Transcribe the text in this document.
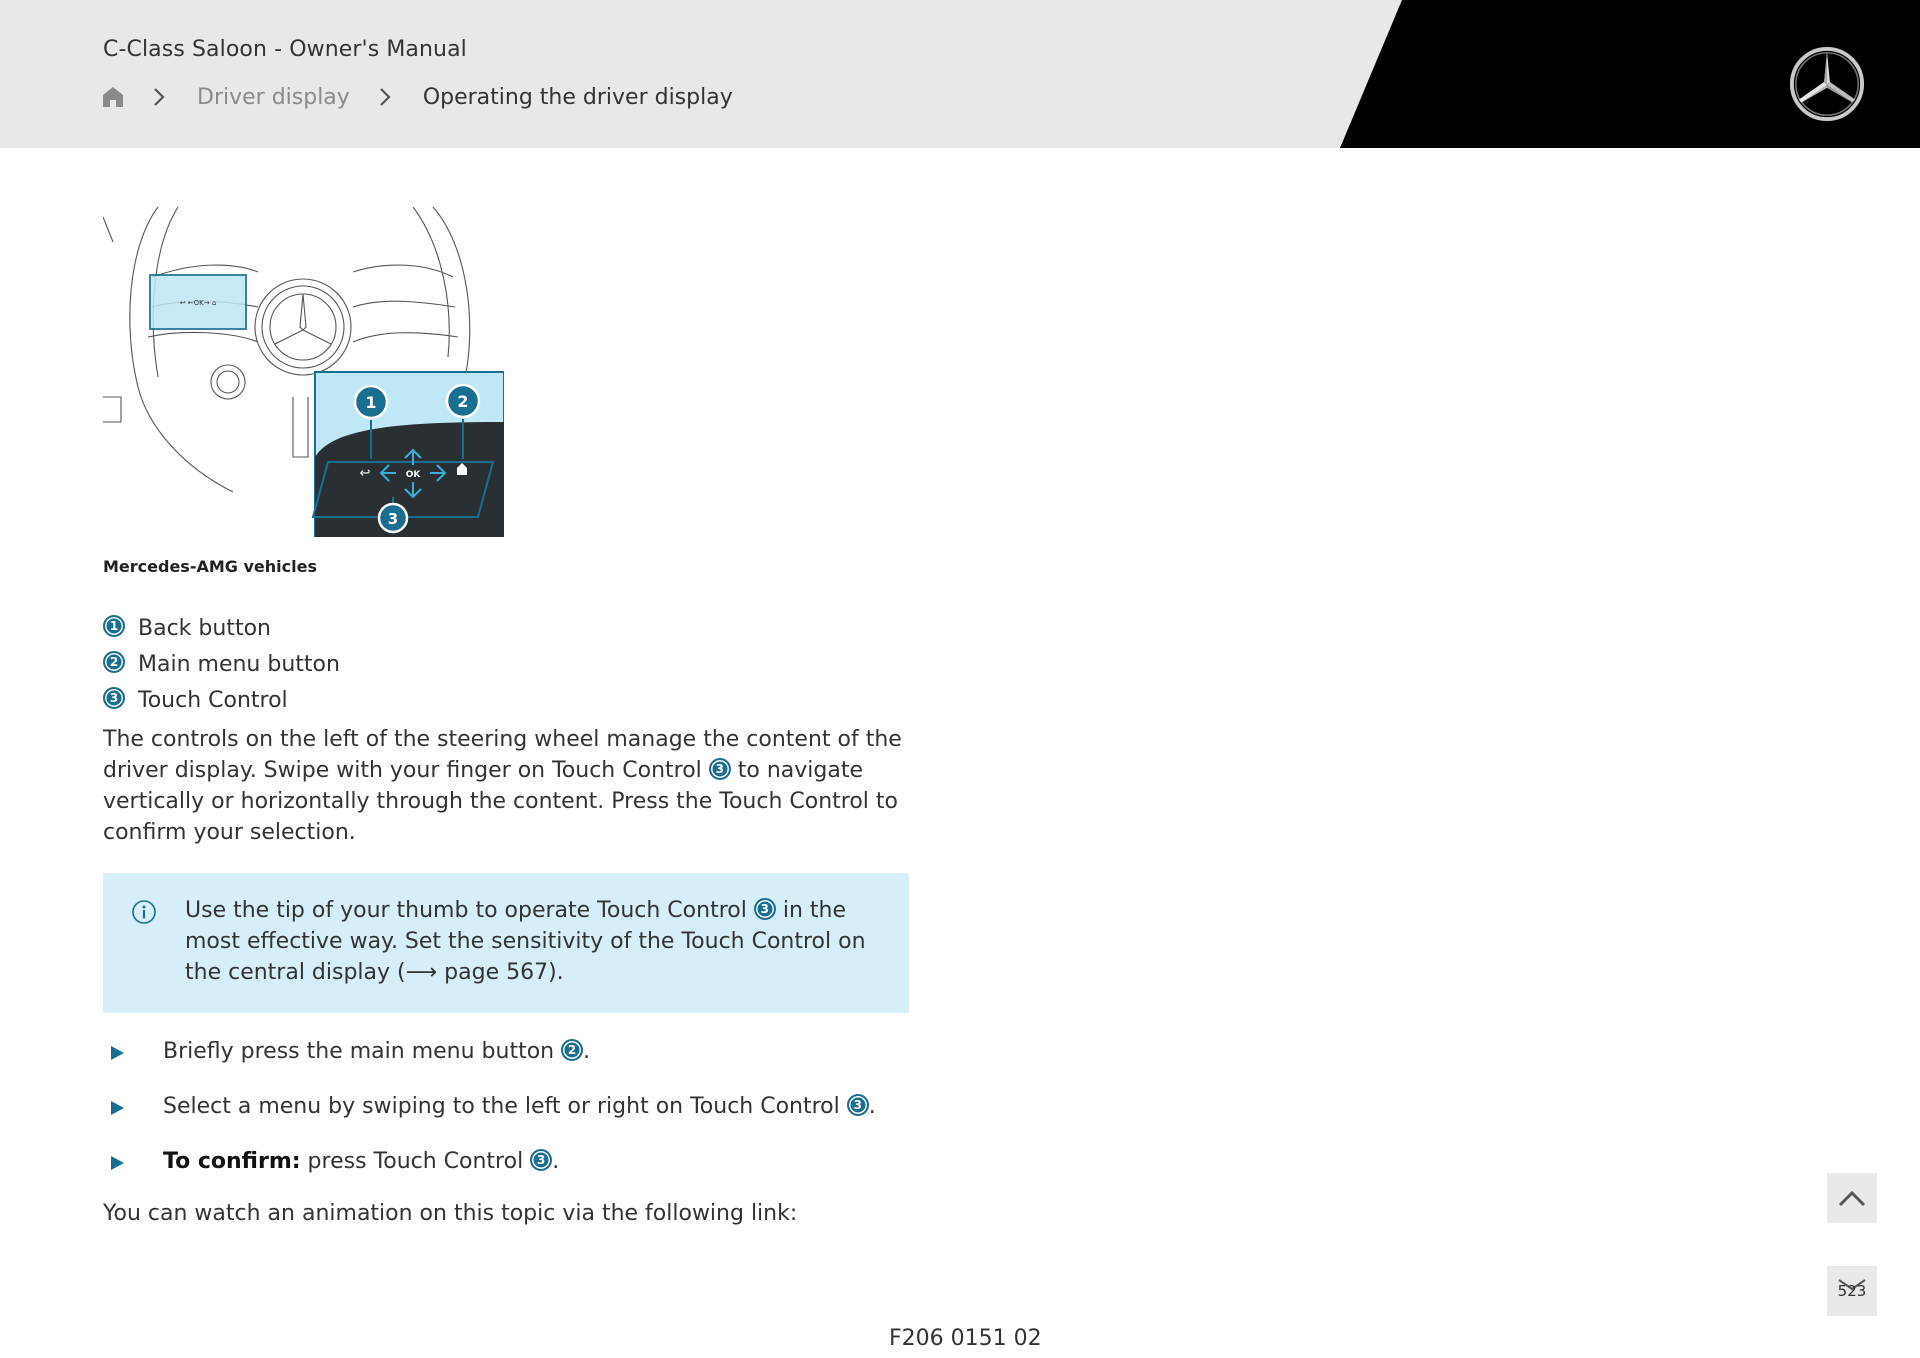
C-Class Saloon - Owner's Manual
Driver display	Operating the driver display
↩ ←OK→ ⌂
OK
↩
1	2
3
Mercedes-AMG vehicles
1 Back button
2 Main menu button
3 Touch Control
The controls on the left of the steering wheel manage the content of the driver display. Swipe with your finger on Touch Control 3 to navigate vertically or horizontally through the content. Press the Touch Control to confirm your selection.
Use the tip of your thumb to operate Touch Control 3 in the most effective way. Set the sensitivity of the Touch Control on the central display (⟶ page 567).
Briefly press the main menu button 2 .
Select a menu by swiping to the left or right on Touch Control 3 .
To confirm: press Touch Control 3 .
You can watch an animation on this topic via the following link:
F206 0151 02
523
